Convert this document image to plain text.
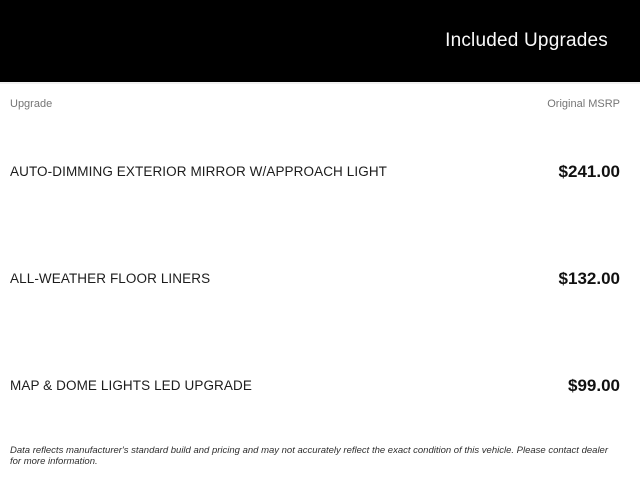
Included Upgrades
Upgrade	Original MSRP
AUTO-DIMMING EXTERIOR MIRROR W/APPROACH LIGHT	$241.00
ALL-WEATHER FLOOR LINERS	$132.00
MAP & DOME LIGHTS LED UPGRADE	$99.00
Data reflects manufacturer's standard build and pricing and may not accurately reflect the exact condition of this vehicle. Please contact dealer for more information.
